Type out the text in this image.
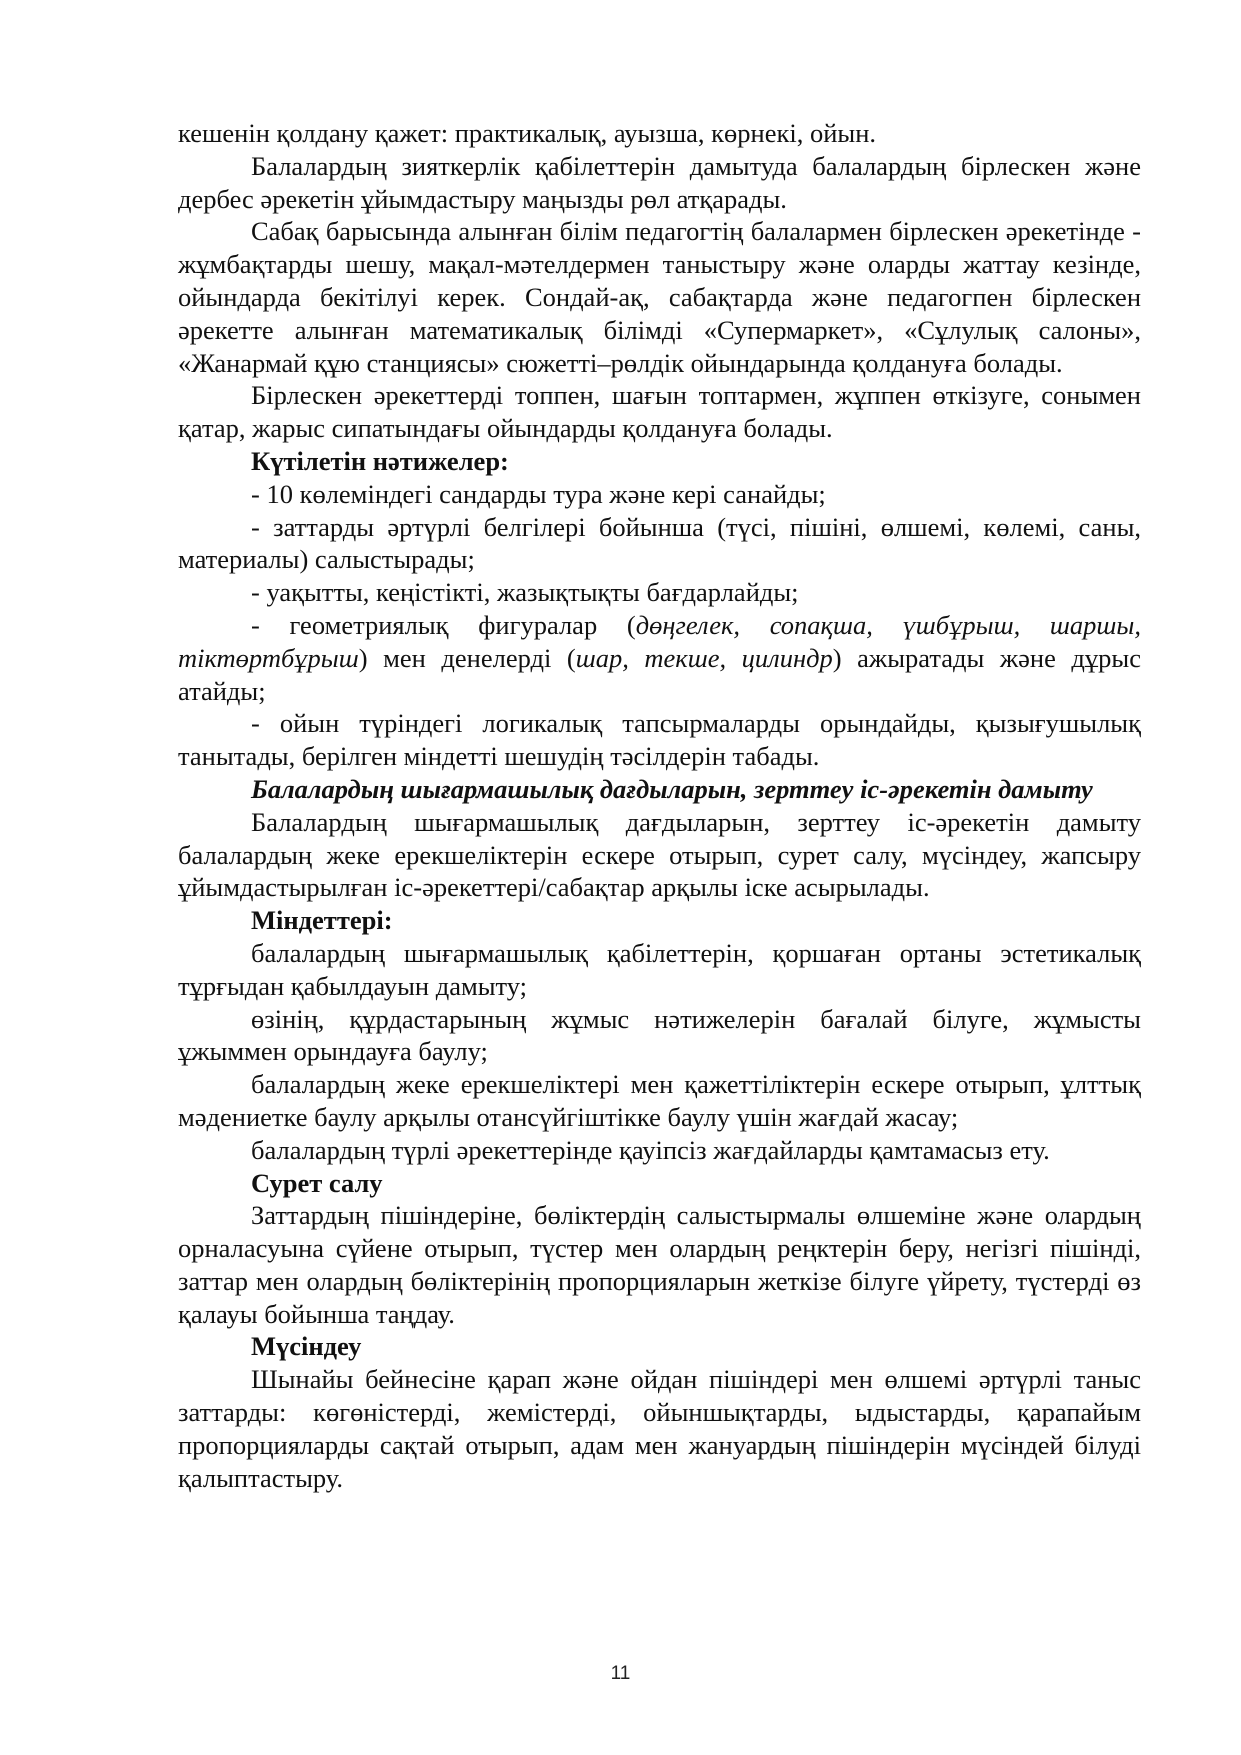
кешенін қолдану қажет: практикалық, ауызша, көрнекі, ойын.

Балалардың зияткерлік қабілеттерін дамытуда балалардың бірлескен және дербес әрекетін ұйымдастыру маңызды рөл атқарады.

Сабақ барысында алынған білім педагогтің балалармен бірлескен әрекетінде - жұмбақтарды шешу, мақал-мәтелдермен таныстыру және оларды жаттау кезінде, ойындарда бекітілуі керек. Сондай-ақ, сабақтарда және педагогпен бірлескен әрекетте алынған математикалық білімді «Супермаркет», «Сұлулық салоны», «Жанармай құю станциясы» сюжетті–рөлдік ойындарында қолдануға болады.

Бірлескен әрекеттерді топпен, шағын топтармен, жұппен өткізуге, сонымен қатар, жарыс сипатындағы ойындарды қолдануға болады.

Күтілетін нәтижелер:

- 10 көлеміндегі сандарды тура және кері санайды;

- заттарды әртүрлі белгілері бойынша (түсі, пішіні, өлшемі, көлемі, саны, материалы) салыстырады;

- уақытты, кеңістікті, жазықтықты бағдарлайды;

- геометриялық фигуралар (дөңгелек, сопақша, үшбұрыш, шаршы, тіктөртбұрыш) мен денелерді (шар, текше, цилиндр) ажыратады және дұрыс атайды;

- ойын түріндегі логикалық тапсырмаларды орындайды, қызығушылық танытады, берілген міндетті шешудің тәсілдерін табады.

Балалардың шығармашылық дағдыларын, зерттеу іс-әрекетін дамыту

Балалардың шығармашылық дағдыларын, зерттеу іс-әрекетін дамыту балалардың жеке ерекшеліктерін ескере отырып, сурет салу, мүсіндеу, жапсыру ұйымдастырылған іс-әрекеттері/сабақтар арқылы іске асырылады.

Міндеттері:

балалардың шығармашылық қабілеттерін, қоршаған ортаны эстетикалық тұрғыдан қабылдауын дамыту;

өзінің, құрдастарының жұмыс нәтижелерін бағалай білуге, жұмысты ұжыммен орындауға баулу;

балалардың жеке ерекшеліктері мен қажеттіліктерін ескере отырып, ұлттық мәдениетке баулу арқылы отансүйгіштікке баулу үшін жағдай жасау;

балалардың түрлі әрекеттерінде қауіпсіз жағдайларды қамтамасыз ету.

Сурет салу

Заттардың пішіндеріне, бөліктердің салыстырмалы өлшеміне және олардың орналасуына сүйене отырып, түстер мен олардың реңктерін беру, негізгі пішінді, заттар мен олардың бөліктерінің пропорцияларын жеткізе білуге үйрету, түстерді өз қалауы бойынша таңдау.

Мүсіндеу

Шынайы бейнесіне қарап және ойдан пішіндері мен өлшемі әртүрлі таныс заттарды: көгөністерді, жемістерді, ойыншықтарды, ыдыстарды, қарапайым пропорцияларды сақтай отырып, адам мен жануардың пішіндерін мүсіндей білуді қалыптастыру.

11
